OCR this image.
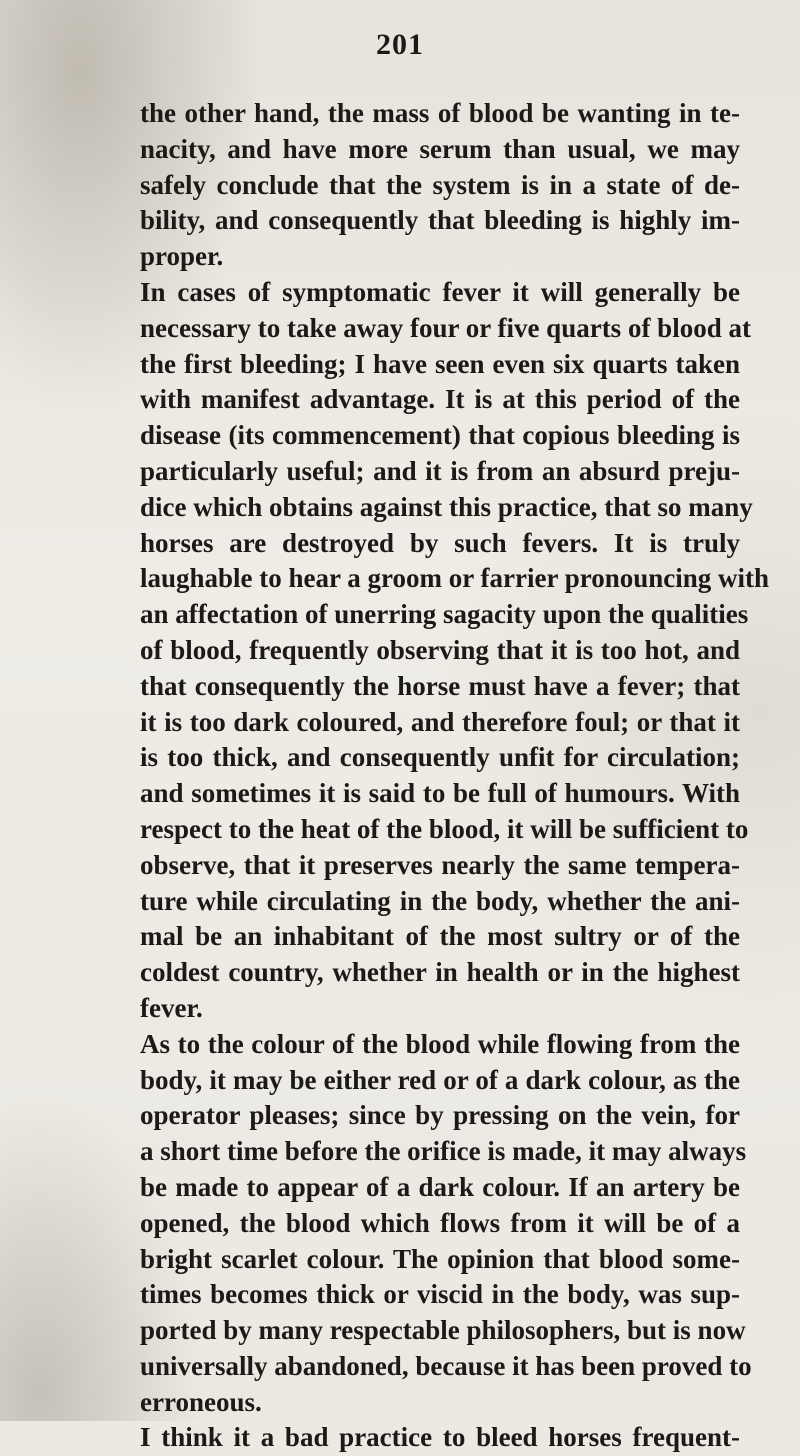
201
the other hand, the mass of blood be wanting in te-
nacity, and have more serum than usual, we may
safely conclude that the system is in a state of de-
bility, and consequently that bleeding is highly im-
proper.
In cases of symptomatic fever it will generally be
necessary to take away four or five quarts of blood at
the first bleeding; I have seen even six quarts taken
with manifest advantage. It is at this period of the
disease (its commencement) that copious bleeding is
particularly useful; and it is from an absurd preju-
dice which obtains against this practice, that so many
horses are destroyed by such fevers. It is truly
laughable to hear a groom or farrier pronouncing with
an affectation of unerring sagacity upon the qualities
of blood, frequently observing that it is too hot, and
that consequently the horse must have a fever; that
it is too dark coloured, and therefore foul; or that it
is too thick, and consequently unfit for circulation;
and sometimes it is said to be full of humours. With
respect to the heat of the blood, it will be sufficient to
observe, that it preserves nearly the same tempera-
ture while circulating in the body, whether the ani-
mal be an inhabitant of the most sultry or of the
coldest country, whether in health or in the highest
fever.
As to the colour of the blood while flowing from the
body, it may be either red or of a dark colour, as the
operator pleases; since by pressing on the vein, for
a short time before the orifice is made, it may always
be made to appear of a dark colour. If an artery be
opened, the blood which flows from it will be of a
bright scarlet colour. The opinion that blood some-
times becomes thick or viscid in the body, was sup-
ported by many respectable philosophers, but is now
universally abandoned, because it has been proved to
erroneous.
I think it a bad practice to bleed horses frequent-
